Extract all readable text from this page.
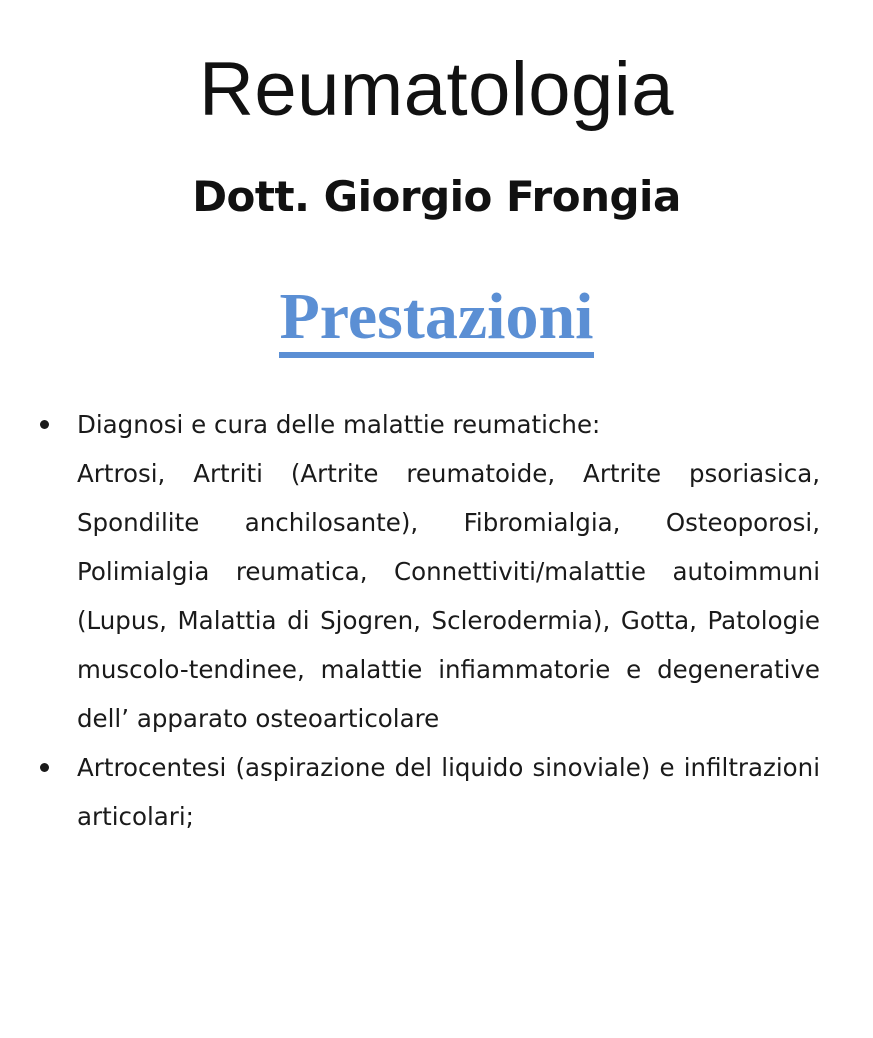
Reumatologia
Dott. Giorgio Frongia
Prestazioni
Diagnosi e cura delle malattie reumatiche:
Artrosi, Artriti (Artrite reumatoide, Artrite psoriasica, Spondilite anchilosante), Fibromialgia, Osteoporosi, Polimialgia reumatica, Connettiviti/malattie autoimmuni (Lupus, Malattia di Sjogren, Sclerodermia), Gotta, Patologie muscolo-tendinee, malattie infiammatorie e degenerative dell’ apparato osteoarticolare
Artrocentesi (aspirazione del liquido sinoviale) e infiltrazioni articolari;
